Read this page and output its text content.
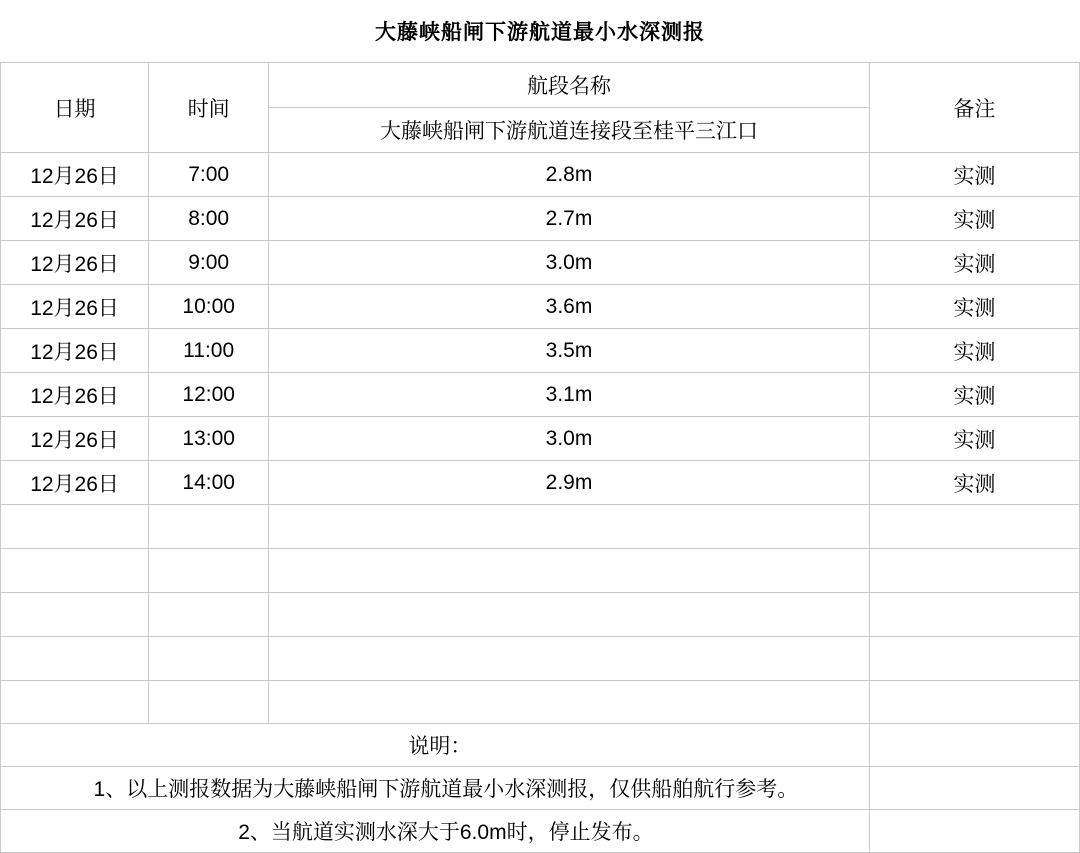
大藤峡船闸下游航道最小水深测报			
日期	时间	航段名称	备注
		大藤峡船闸下游航道连接段至桂平三江口	
12月26日	7:00	2.8m	实测
12月26日	8:00	2.7m	实测
12月26日	9:00	3.0m	实测
12月26日	10:00	3.6m	实测
12月26日	11:00	3.5m	实测
12月26日	12:00	3.1m	实测
12月26日	13:00	3.0m	实测
12月26日	14:00	2.9m	实测

说明：			

1、以上测报数据为大藤峡船闸下游航道最小水深测报，仅供船舶航行参考。			

2、当航道实测水深大于6.0m时，停止发布。			
